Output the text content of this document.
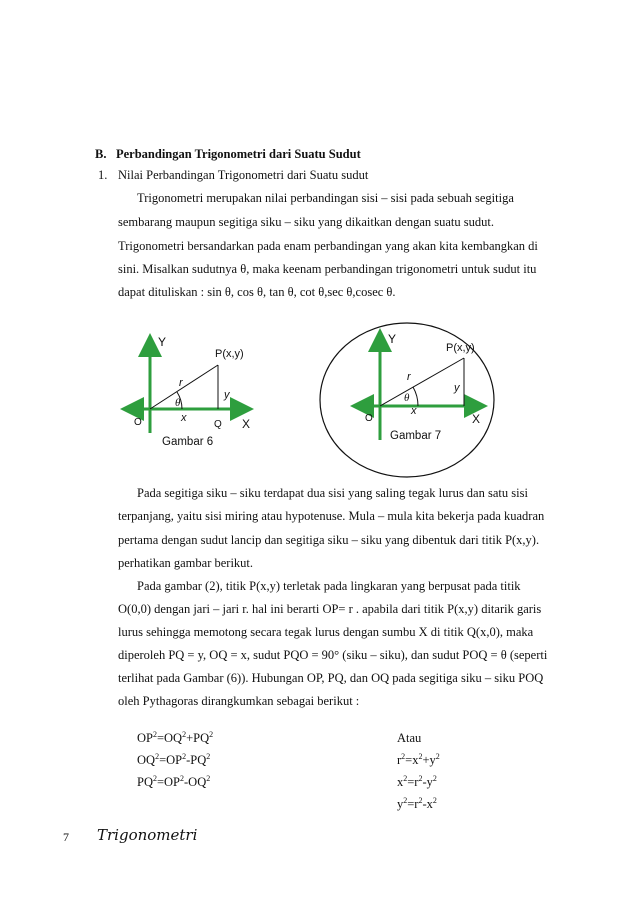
B. Perbandingan Trigonometri dari Suatu Sudut
1. Nilai Perbandingan Trigonometri dari Suatu sudut
Trigonometri merupakan nilai perbandingan sisi – sisi pada sebuah segitiga
sembarang maupun segitiga siku – siku yang dikaitkan dengan suatu sudut.
Trigonometri bersandarkan pada enam perbandingan yang akan kita kembangkan di
sini. Misalkan sudutnya θ, maka keenam perbandingan trigonometri untuk sudut itu
dapat dituliskan : sin θ, cos θ, tan θ, cot θ,sec θ,cosec θ.
Y
X
O
P(x,y)
r
θ
x
y
Q
Gambar 6
Y
X
O
P(x,y)
r
θ
x
y
Gambar 7
Pada segitiga siku – siku terdapat dua sisi yang saling tegak lurus dan satu sisi
terpanjang, yaitu sisi miring atau hypotenuse. Mula – mula kita bekerja pada kuadran
pertama dengan sudut lancip dan segitiga siku – siku yang dibentuk dari titik P(x,y).
perhatikan gambar berikut.
Pada gambar (2), titik P(x,y) terletak pada lingkaran yang berpusat pada titik
O(0,0) dengan jari – jari r. hal ini berarti OP= r . apabila dari titik P(x,y) ditarik garis
lurus sehingga memotong secara tegak lurus dengan sumbu X di titik Q(x,0), maka
diperoleh PQ = y, OQ = x, sudut PQO = 90° (siku – siku), dan sudut POQ = θ (seperti
terlihat pada Gambar (6)). Hubungan OP, PQ, dan OQ pada segitiga siku – siku POQ
oleh Pythagoras dirangkumkan sebagai berikut :
$OP^2=OQ^2+PQ^2$
$OQ^2=OP^2-PQ^2$
$PQ^2=OP^2-OQ^2$
Atau
$r^2=x^2+y^2$
$x^2=r^2-y^2$
$y^2=r^2-x^2$
7 Trigonometri
